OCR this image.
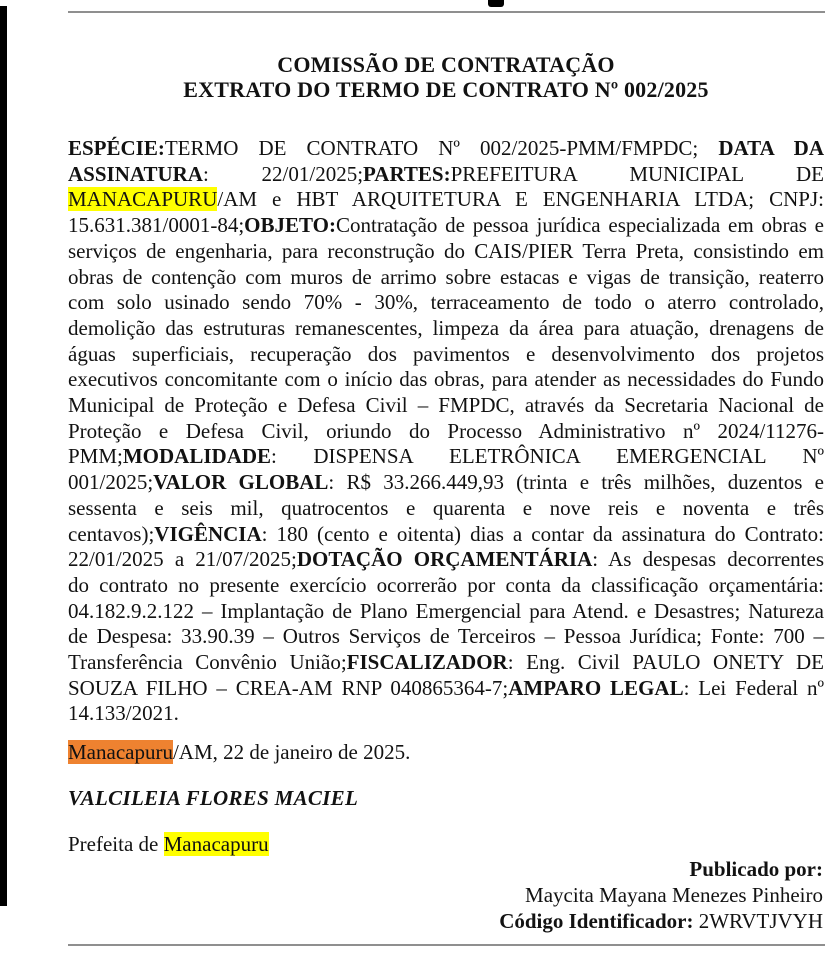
COMISSÃO DE CONTRATAÇÃO
EXTRATO DO TERMO DE CONTRATO Nº 002/2025
ESPÉCIE:TERMO DE CONTRATO Nº 002/2025-PMM/FMPDC; DATA DA ASSINATURA: 22/01/2025;PARTES:PREFEITURA MUNICIPAL DE MANACAPURU/AM e HBT ARQUITETURA E ENGENHARIA LTDA; CNPJ: 15.631.381/0001-84;OBJETO:Contratação de pessoa jurídica especializada em obras e serviços de engenharia, para reconstrução do CAIS/PIER Terra Preta, consistindo em obras de contenção com muros de arrimo sobre estacas e vigas de transição, reaterro com solo usinado sendo 70% - 30%, terraceamento de todo o aterro controlado, demolição das estruturas remanescentes, limpeza da área para atuação, drenagens de águas superficiais, recuperação dos pavimentos e desenvolvimento dos projetos executivos concomitante com o início das obras, para atender as necessidades do Fundo Municipal de Proteção e Defesa Civil – FMPDC, através da Secretaria Nacional de Proteção e Defesa Civil, oriundo do Processo Administrativo nº 2024/11276-PMM;MODALIDADE: DISPENSA ELETRÔNICA EMERGENCIAL Nº 001/2025;VALOR GLOBAL: R$ 33.266.449,93 (trinta e três milhões, duzentos e sessenta e seis mil, quatrocentos e quarenta e nove reis e noventa e três centavos);VIGÊNCIA: 180 (cento e oitenta) dias a contar da assinatura do Contrato: 22/01/2025 a 21/07/2025;DOTAÇÃO ORÇAMENTÁRIA: As despesas decorrentes do contrato no presente exercício ocorrerão por conta da classificação orçamentária: 04.182.9.2.122 – Implantação de Plano Emergencial para Atend. e Desastres; Natureza de Despesa: 33.90.39 – Outros Serviços de Terceiros – Pessoa Jurídica; Fonte: 700 – Transferência Convênio União;FISCALIZADOR: Eng. Civil PAULO ONETY DE SOUZA FILHO – CREA-AM RNP 040865364-7;AMPARO LEGAL: Lei Federal nº 14.133/2021.
Manacapuru/AM, 22 de janeiro de 2025.
VALCILEIA FLORES MACIEL
Prefeita de Manacapuru
Publicado por:
Maycita Mayana Menezes Pinheiro
Código Identificador: 2WRVTJVYH
